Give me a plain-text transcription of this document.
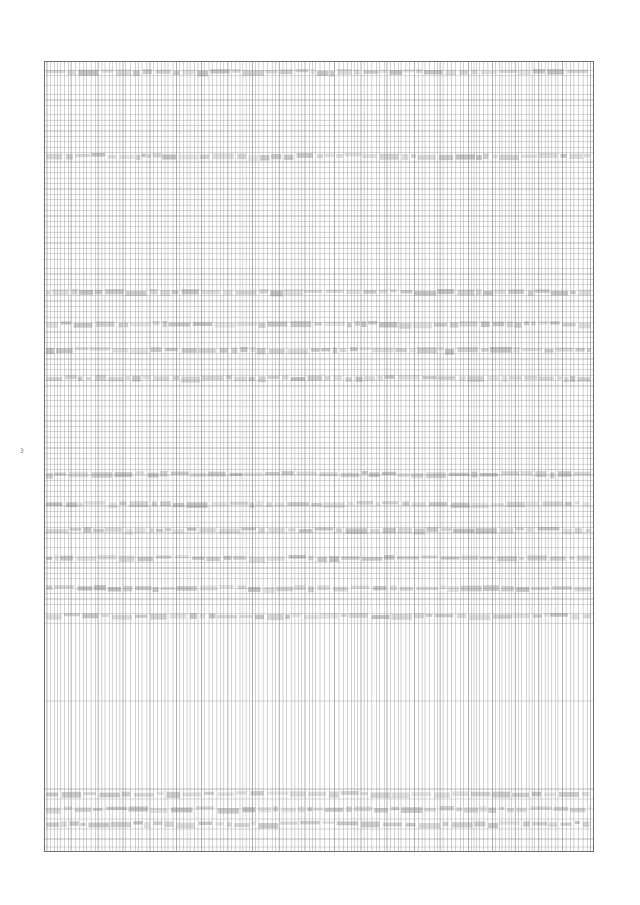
3
'
